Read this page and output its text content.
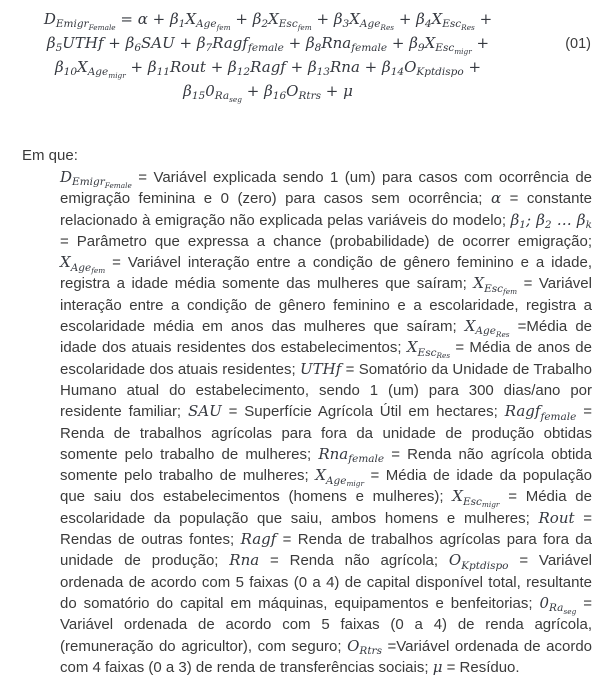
$D_{Emigr_{Female}} = \alpha + \beta_1X_{Age_{fem}} + \beta_2X_{Esc_{fem}} + \beta_3X_{Age_{Res}} + \beta_4X_{Esc_{Res}}$ +
$\beta_5UTHf + \beta_6SAU$ + $\beta_7Ragf_{female} + \beta_8Rna_{female} + \beta_9X_{Esc_{migr}}$ +
$\beta_{10}X_{Age_{migr}}$ + $\beta_{11}Rout$ + $\beta_{12}Ragf + \beta_{13}Rna + \beta_{14}O_{Kptdispo}$ +
$\beta_{15}0_{Ra_{seg}} + \beta_{16}O_{Rtrs} + \mu$
(01)
Em que:

$D_{Emigr_{Female}}$ = Variável explicada sendo 1 (um) para casos com ocorrência de emigração feminina e 0 (zero) para casos sem ocorrência; α = constante relacionado à emigração não explicada pelas variáveis do modelo; $\beta_1$; $\beta_2$ … $\beta_k$ = Parâmetro que expressa a chance (probabilidade) de ocorrer emigração; $X_{Age_{fem}}$ = Variável interação entre a condição de gênero feminino e a idade, registra a idade média somente das mulheres que saíram; $X_{Esc_{fem}}$ = Variável interação entre a condição de gênero feminino e a escolaridade, registra a escolaridade média em anos das mulheres que saíram; $X_{Age_{Res}}$ =Média de idade dos atuais residentes dos estabelecimentos; $X_{Esc_{Res}}$ = Média de anos de escolaridade dos atuais residentes; UTHf = Somatório da Unidade de Trabalho Humano atual do estabelecimento, sendo 1 (um) para 300 dias/ano por residente familiar; SAU = Superfície Agrícola Útil em hectares; Ragf$_{female}$ = Renda de trabalhos agrícolas para fora da unidade de produção obtidas somente pelo trabalho de mulheres; Rna$_{female}$ = Renda não agrícola obtida somente pelo trabalho de mulheres; $X_{Age_{migr}}$ = Média de idade da população que saiu dos estabelecimentos (homens e mulheres); $X_{Esc_{migr}}$ = Média de escolaridade da população que saiu, ambos homens e mulheres; Rout = Rendas de outras fontes; Ragf = Renda de trabalhos agrícolas para fora da unidade de produção; Rna = Renda não agrícola; $O_{Kptdispo}$ = Variável ordenada de acordo com 5 faixas (0 a 4) de capital disponível total, resultante do somatório do capital em máquinas, equipamentos e benfeitorias; $0_{Ra_{seg}}$ = Variável ordenada de acordo com 5 faixas (0 a 4) de renda agrícola, (remuneração do agricultor), com seguro; $O_{Rtrs}$ =Variável ordenada de acordo com 4 faixas (0 a 3) de renda de transferências sociais; μ = Resíduo.
